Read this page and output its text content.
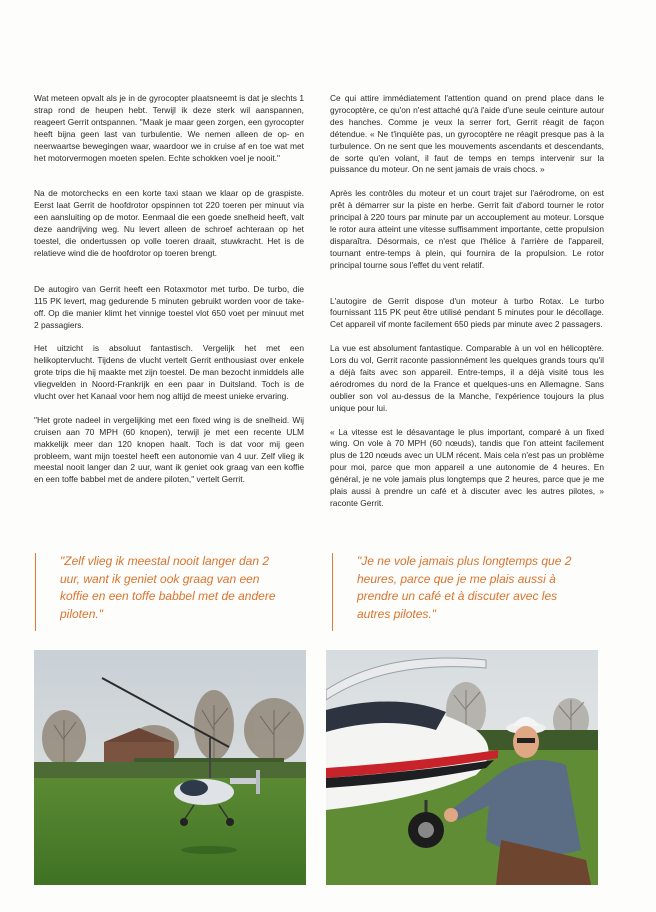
Wat meteen opvalt als je in de gyrocopter plaatsneemt is dat je slechts 1 strap rond de heupen hebt. Terwijl ik deze sterk wil aanspannen, reageert Gerrit ontspannen. "Maak je maar geen zorgen, een gyrocopter heeft bijna geen last van turbulentie. We nemen alleen de op- en neerwaartse bewegingen waar, waardoor we in cruise af en toe wat met het motorvermogen moeten spelen. Echte schokken voel je nooit."

Na de motorchecks en een korte taxi staan we klaar op de graspiste. Eerst laat Gerrit de hoofdrotor opspinnen tot 220 toeren per minuut via een aansluiting op de motor. Eenmaal die een goede snelheid heeft, valt deze aandrijving weg. Nu levert alleen de schroef achteraan op het toestel, die ondertussen op volle toeren draait, stuwkracht. Het is de relatieve wind die de hoofdrotor op toeren brengt.

De autogiro van Gerrit heeft een Rotaxmotor met turbo. De turbo, die 115 PK levert, mag gedurende 5 minuten gebruikt worden voor de take-off. Op die manier klimt het vinnige toestel vlot 650 voet per minuut met 2 passagiers.

Het uitzicht is absoluut fantastisch. Vergelijk het met een helikoptervlucht. Tijdens de vlucht vertelt Gerrit enthousiast over enkele grote trips die hij maakte met zijn toestel. De man bezocht inmiddels alle vliegvelden in Noord-Frankrijk en een paar in Duitsland. Toch is de vlucht over het Kanaal voor hem nog altijd de meest unieke ervaring.

"Het grote nadeel in vergelijking met een fixed wing is de snelheid. Wij cruisen aan 70 MPH (60 knopen), terwijl je met een recente ULM makkelijk meer dan 120 knopen haalt. Toch is dat voor mij geen probleem, want mijn toestel heeft een autonomie van 4 uur. Zelf vlieg ik meestal nooit langer dan 2 uur, want ik geniet ook graag van een koffie en een toffe babbel met de andere piloten," vertelt Gerrit.

Ce qui attire immédiatement l'attention quand on prend place dans le gyrocoptère, ce qu'on n'est attaché qu'à l'aide d'une seule ceinture autour des hanches. Comme je veux la serrer fort, Gerrit réagit de façon détendue. « Ne t'inquiète pas, un gyrocoptère ne réagit presque pas à la turbulence. On ne sent que les mouvements ascendants et descendants, de sorte qu'en volant, il faut de temps en temps intervenir sur la puissance du moteur. On ne sent jamais de vrais chocs. »

Après les contrôles du moteur et un court trajet sur l'aérodrome, on est prêt à démarrer sur la piste en herbe. Gerrit fait d'abord tourner le rotor principal à 220 tours par minute par un accouplement au moteur. Lorsque le rotor aura atteint une vitesse suffisamment importante, cette propulsion disparaîtra. Désormais, ce n'est que l'hélice à l'arrière de l'appareil, tournant entre-temps à plein, qui fournira de la propulsion. Le rotor principal tourne sous l'effet du vent relatif.

L'autogire de Gerrit dispose d'un moteur à turbo Rotax. Le turbo fournissant 115 PK peut être utilisé pendant 5 minutes pour le décollage. Cet appareil vif monte facilement 650 pieds par minute avec 2 passagers.

La vue est absolument fantastique. Comparable à un vol en hélicoptère. Lors du vol, Gerrit raconte passionnément les quelques grands tours qu'il a déjà faits avec son appareil. Entre-temps, il a déjà visité tous les aérodromes du nord de la France et quelques-uns en Allemagne. Sans oublier son vol au-dessus de la Manche, l'expérience toujours la plus unique pour lui.

« La vitesse est le désavantage le plus important, comparé à un fixed wing. On vole à 70 MPH (60 nœuds), tandis que l'on atteint facilement plus de 120 nœuds avec un ULM récent. Mais cela n'est pas un problème pour moi, parce que mon appareil a une autonomie de 4 heures. En général, je ne vole jamais plus longtemps que 2 heures, parce que je me plais aussi à prendre un café et à discuter avec les autres pilotes, » raconte Gerrit.

"Zelf vlieg ik meestal nooit langer dan 2 uur, want ik geniet ook graag van een koffie en een toffe babbel met de andere piloten."
"Je ne vole jamais plus longtemps que 2 heures, parce que je me plais aussi à prendre un café et à discuter avec les autres pilotes."
